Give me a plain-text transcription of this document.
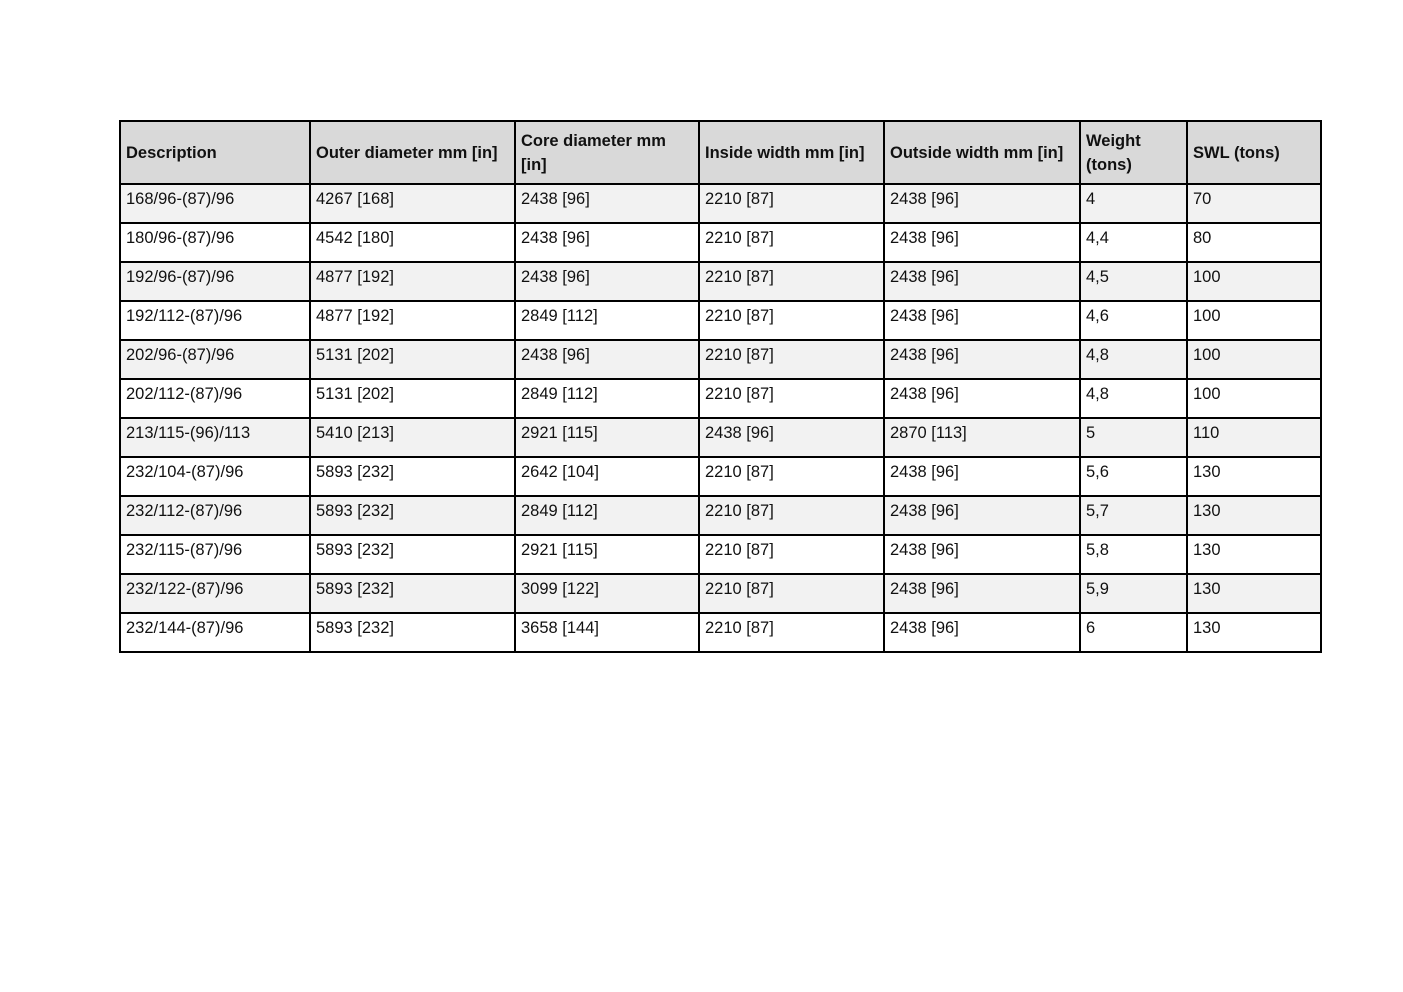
Description	Outer diameter mm [in]	Core diameter mm [in]	Inside width mm [in]	Outside width mm [in]	Weight (tons)	SWL (tons)
168/96-(87)/96	4267 [168]	2438 [96]	2210 [87]	2438 [96]	4	70
180/96-(87)/96	4542 [180]	2438 [96]	2210 [87]	2438 [96]	4,4	80
192/96-(87)/96	4877 [192]	2438 [96]	2210 [87]	2438 [96]	4,5	100
192/112-(87)/96	4877 [192]	2849 [112]	2210 [87]	2438 [96]	4,6	100
202/96-(87)/96	5131 [202]	2438 [96]	2210 [87]	2438 [96]	4,8	100
202/112-(87)/96	5131 [202]	2849 [112]	2210 [87]	2438 [96]	4,8	100
213/115-(96)/113	5410 [213]	2921 [115]	2438 [96]	2870 [113]	5	110
232/104-(87)/96	5893 [232]	2642 [104]	2210 [87]	2438 [96]	5,6	130
232/112-(87)/96	5893 [232]	2849 [112]	2210 [87]	2438 [96]	5,7	130
232/115-(87)/96	5893 [232]	2921 [115]	2210 [87]	2438 [96]	5,8	130
232/122-(87)/96	5893 [232]	3099 [122]	2210 [87]	2438 [96]	5,9	130
232/144-(87)/96	5893 [232]	3658 [144]	2210 [87]	2438 [96]	6	130
